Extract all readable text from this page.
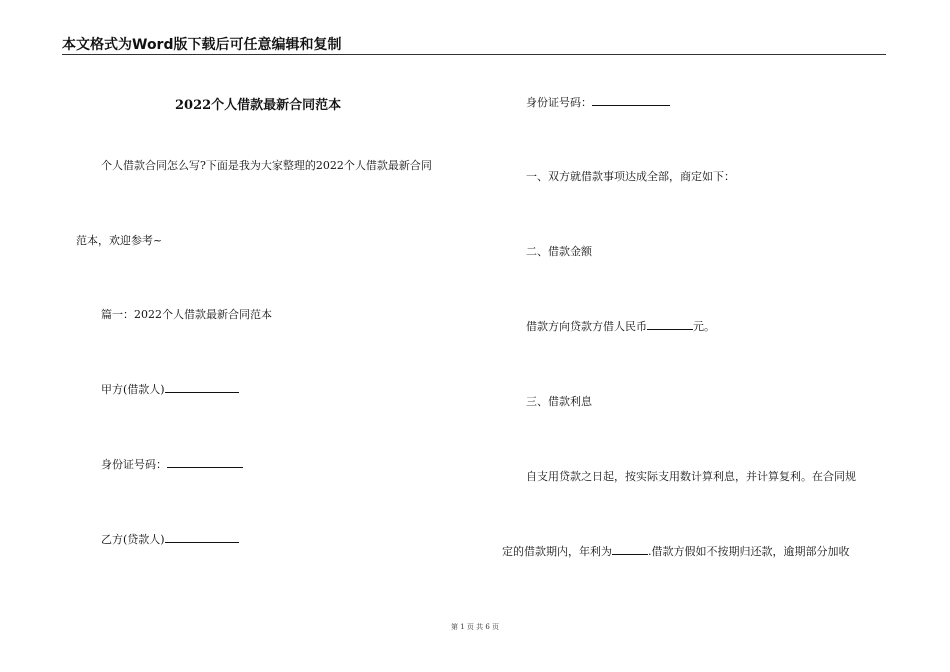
本文格式为Word版下载后可任意编辑和复制
2022个人借款最新合同范本
个人借款合同怎么写?下面是我为大家整理的2022个人借款最新合同
范本，欢迎参考~
篇一：2022个人借款最新合同范本
甲方(借款人)
身份证号码：
乙方(贷款人)
身份证号码：
一、双方就借款事项达成全部，商定如下：
二、借款金额
借款方向贷款方借人民币	元。
三、借款利息
自支用贷款之日起，按实际支用数计算利息，并计算复利。在合同规
定的借款期内，年利为	.借款方假如不按期归还款，逾期部分加收
第 1 页 共 6 页
